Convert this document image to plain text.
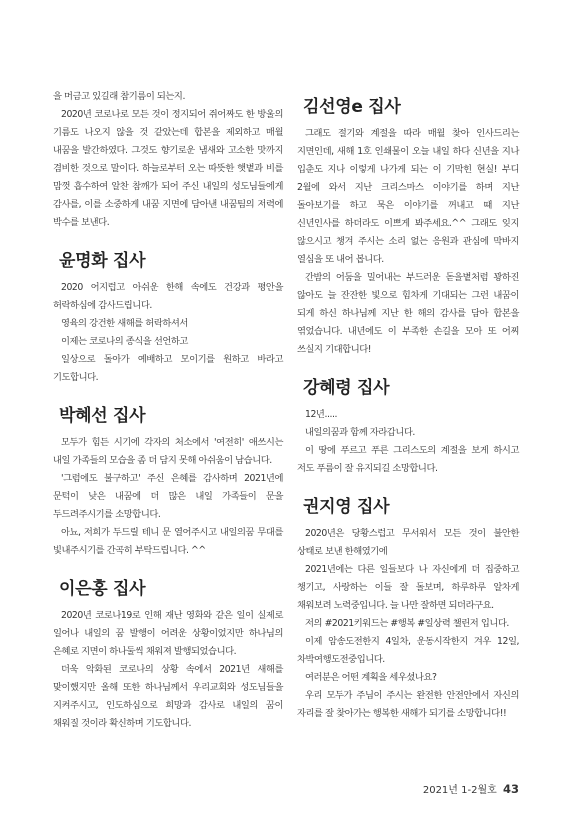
을 머금고 있길래 참기름이 되는지.

2020년 코로나로 모든 것이 정지되어 쥐어짜도 한 방울의 기름도 나오지 않을 것 같았는데 합본을 제외하고 매월 내꿈을 발간하였다. 그것도 향기로운 냄새와 고소한 맛까지 겸비한 것으로 말이다. 하늘로부터 오는 따뜻한 햇볕과 비를 맘껏 흡수하여 알찬 참깨가 되어 주신 내일의 성도님들에게 감사를, 이를 소중하게 내꿈 지면에 담아낸 내꿈팀의 저력에 박수를 보낸다.

윤명화 집사

2020 어지럽고 아쉬운 한해 속에도 건강과 평안을 허락하심에 감사드립니다.

영육의 강건한 새해를 허락하셔서

이제는 코로나의 종식을 선언하고

일상으로 돌아가 예배하고 모이기를 원하고 바라고 기도합니다.

박혜선 집사

모두가 힘든 시기에 각자의 처소에서 '여전히' 애쓰시는 내일 가족들의 모습을 좀 더 담지 못해 아쉬움이 남습니다.

'그럼에도 불구하고' 주신 은혜를 감사하며 2021년에 문턱이 낮은 내꿈에 더 많은 내일 가족들이 문을 두드려주시기를 소망합니다.

아뇨, 저희가 두드릴 테니 문 열어주시고 내일의꿈 무대를 빛내주시기를 간곡히 부탁드립니다. ^^

이은홍 집사

2020년 코로나19로 인해 재난 영화와 같은 일이 실제로 일어나 내일의 꿈 발행이 어려운 상황이었지만 하나님의 은혜로 지면이 하나둘씩 채워져 발행되었습니다.

더욱 악화된 코로나의 상황 속에서 2021년 새해를 맞이했지만 올해 또한 하나님께서 우리교회와 성도님들을 지켜주시고, 인도하심으로 희망과 감사로 내일의 꿈이 채워질 것이라 확신하며 기도합니다.

김선영e 집사

그래도 절기와 계절을 따라 매월 찾아 인사드리는 지면인데, 새해 1호 인쇄물이 오늘 내일 하다 신년을 지나 입춘도 지나 이렇게 나가게 되는 이 기막힌 현실! 부디 2월에 와서 지난 크리스마스 이야기를 하며 지난 돌아보기를 하고 묵은 이야기를 꺼내고 때 지난 신년인사를 하더라도 이쁘게 봐주세요.^^ 그래도 잊지 않으시고 챙겨 주시는 소리 없는 응원과 관심에 막바지 열심을 또 내어 봅니다.

간밤의 어둠을 밀어내는 부드러운 돋을볕처럼 꽝하진 않아도 늘 잔잔한 빛으로 힘차게 기대되는 그런 내꿈이 되게 하신 하나님께 지난 한 해의 감사를 담아 합본을 엮었습니다. 내년에도 이 부족한 손길을 모아 또 어찌 쓰실지 기대합니다!

강혜령 집사

12년.....

내일의꿈과 함께 자라갑니다.

이 땅에 푸르고 푸른 그리스도의 계절을 보게 하시고 저도 푸름이 잘 유지되길 소망합니다.

권지영 집사

2020년은 당황스럽고 무서워서 모든 것이 불안한 상태로 보낸 한해였기에

2021년에는 다른 일들보다 나 자신에게 더 집중하고 챙기고, 사랑하는 이들 잘 돌보며, 하루하루 알차게 채워보려 노력중입니다. 늘 나만 잘하면 되더라구요.

저의 #2021키워드는 #행복 #일상력 챌린저 입니다.

이제 암송도전한지 4일차, 운동시작한지 겨우 12일, 차박여행도전중입니다.

여러분은 어떤 계획을 세우셨나요?

우리 모두가 주님이 주시는 완전한 안전안에서 자신의 자리를 잘 찾아가는 행복한 새해가 되기를 소망합니다!!

2021년 1-2월호 43
